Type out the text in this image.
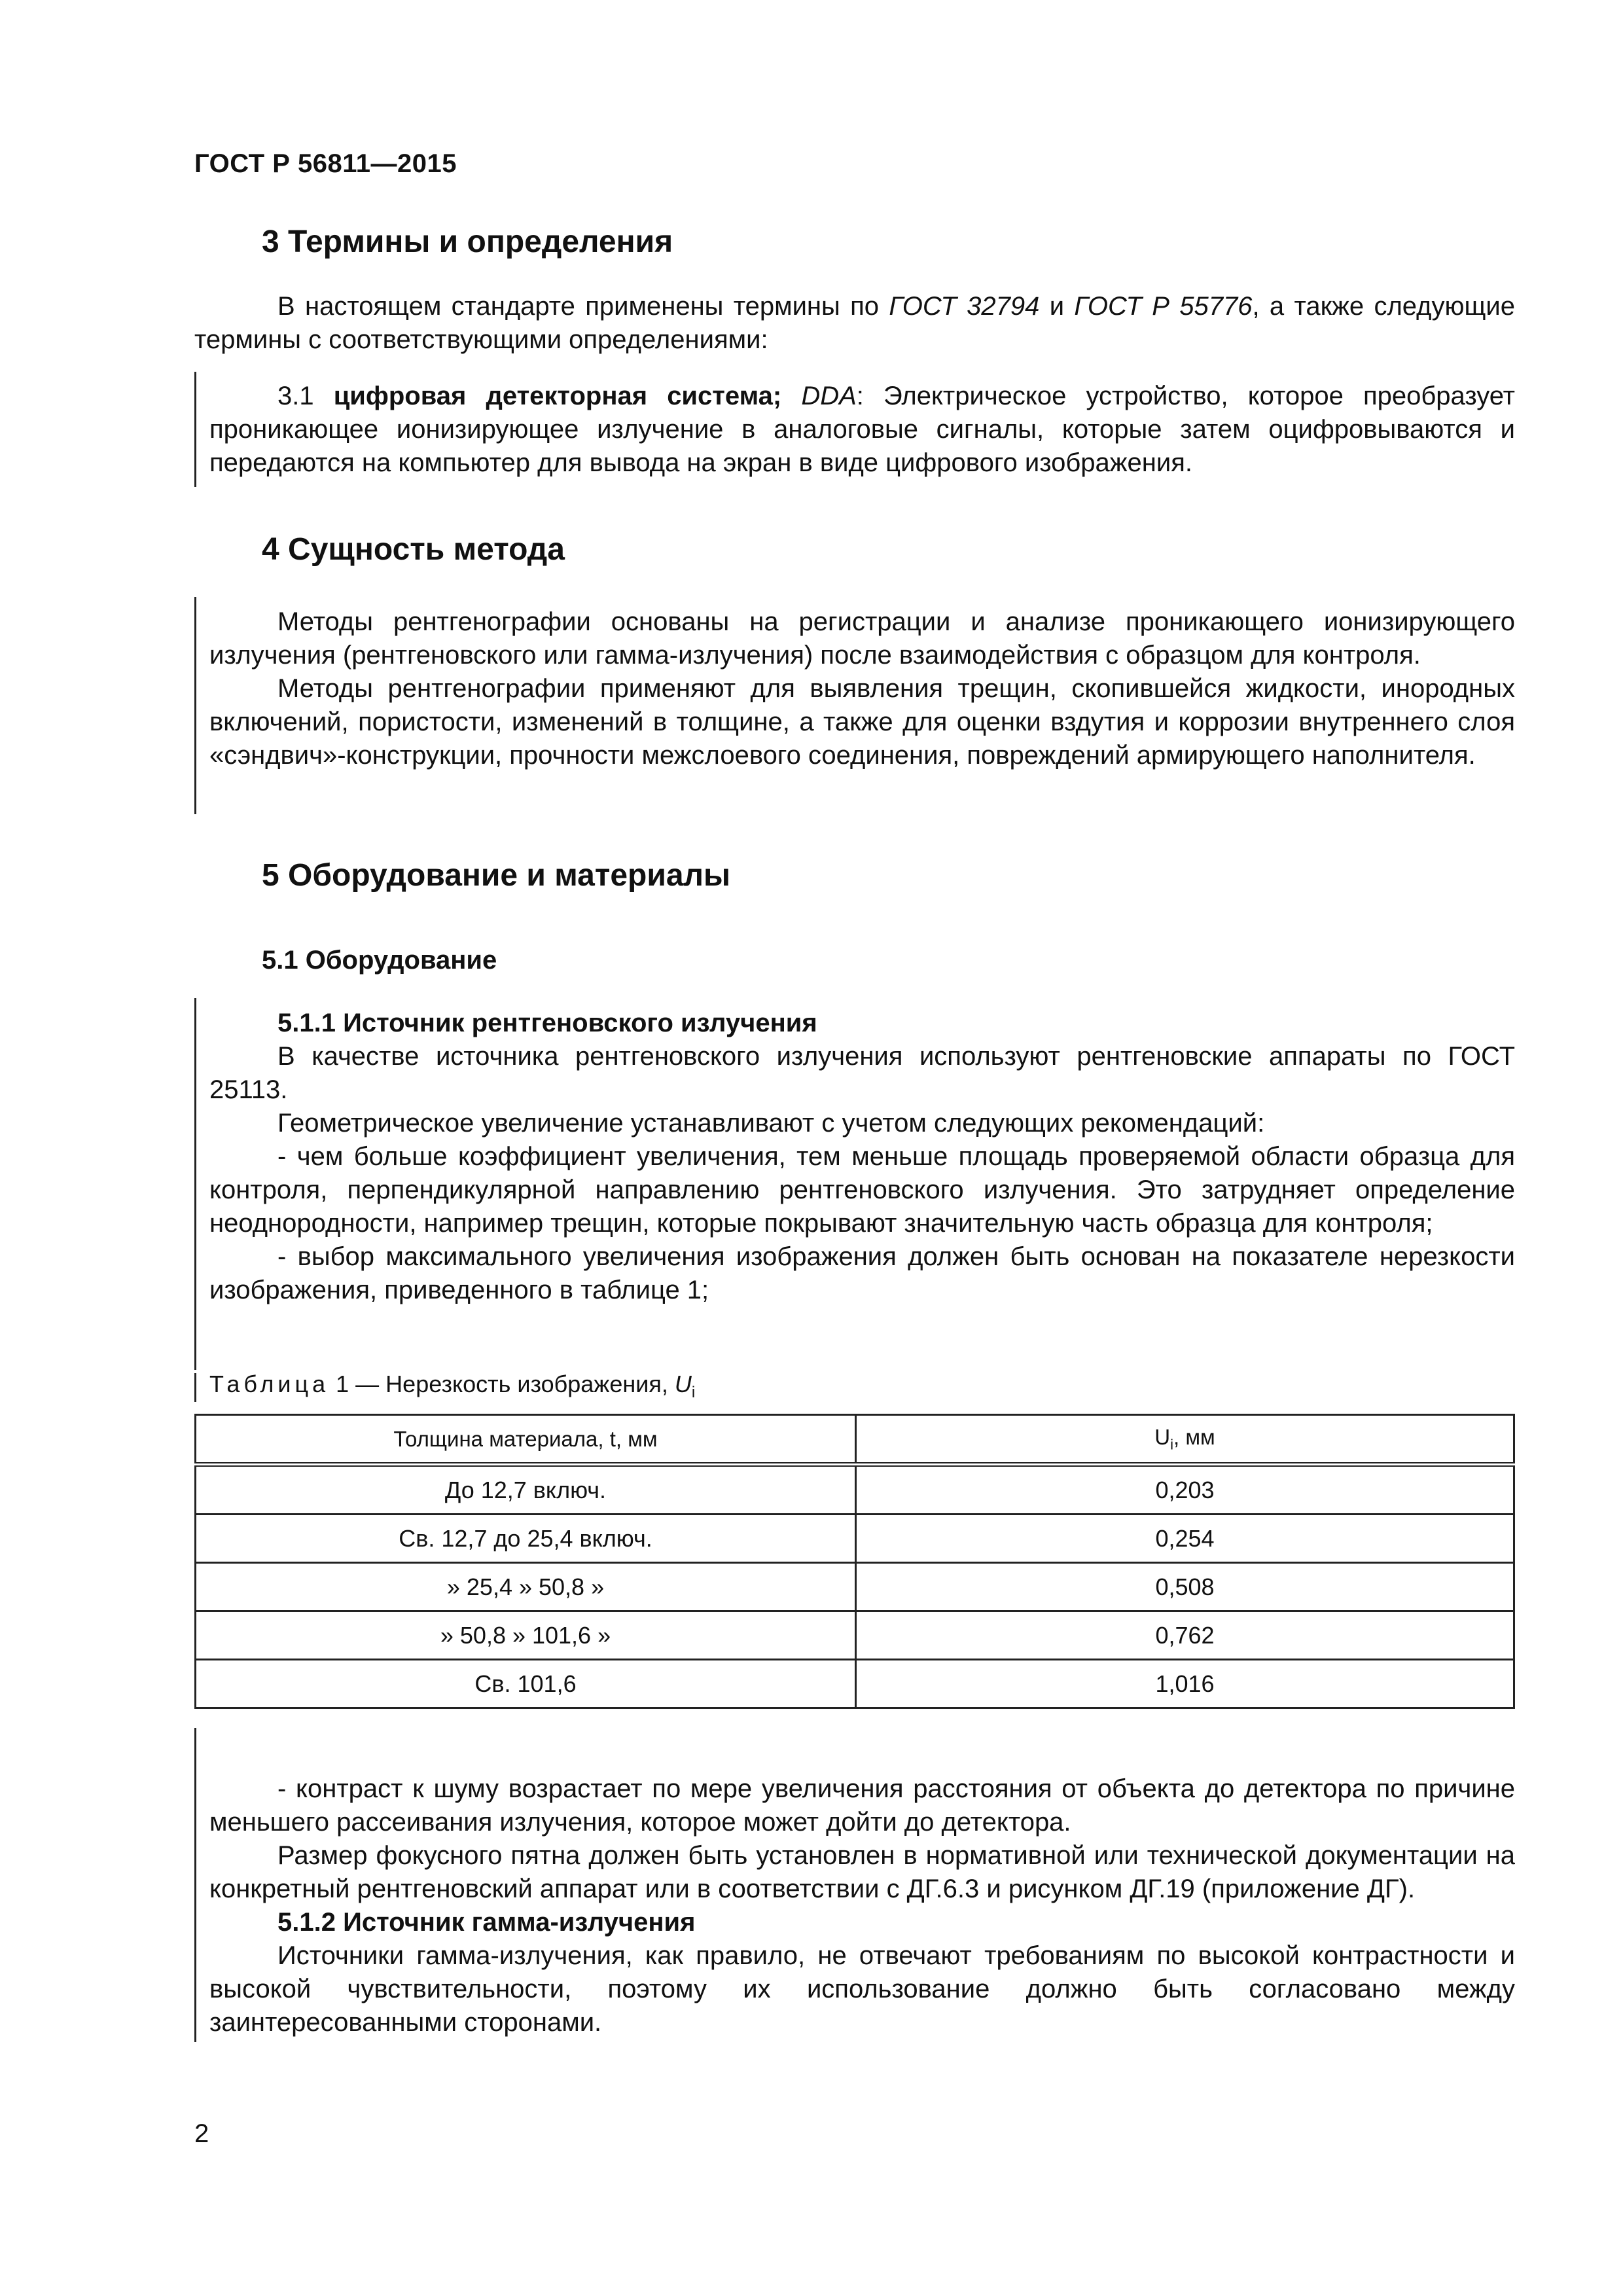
ГОСТ Р 56811—2015
3 Термины и определения

В настоящем стандарте применены термины по ГОСТ 32794 и ГОСТ Р 55776, а также следующие термины с соответствующими определениями:

3.1 цифровая детекторная система; DDA: Электрическое устройство, которое преобразует проникающее ионизирующее излучение в аналоговые сигналы, которые затем оцифровываются и передаются на компьютер для вывода на экран в виде цифрового изображения.

4 Сущность метода

Методы рентгенографии основаны на регистрации и анализе проникающего ионизирующего излучения (рентгеновского или гамма-излучения) после взаимодействия с образцом для контроля.

Методы рентгенографии применяют для выявления трещин, скопившейся жидкости, инородных включений, пористости, изменений в толщине, а также для оценки вздутия и коррозии внутреннего слоя «сэндвич»-конструкции, прочности межслоевого соединения, повреждений армирующего наполнителя.

5 Оборудование и материалы
5.1 Оборудование

5.1.1 Источник рентгеновского излучения

В качестве источника рентгеновского излучения используют рентгеновские аппараты по ГОСТ 25113.

Геометрическое увеличение устанавливают с учетом следующих рекомендаций:

- чем больше коэффициент увеличения, тем меньше площадь проверяемой области образца для контроля, перпендикулярной направлению рентгеновского излучения. Это затрудняет определение неоднородности, например трещин, которые покрывают значительную часть образца для контроля;

- выбор максимального увеличения изображения должен быть основан на показателе нерезкости изображения, приведенного в таблице 1;

Таблица 1 — Нерезкость изображения, $U_i$
Толщина материала, t, мм	$U_i$, мм
До 12,7 включ.	0,203
Св. 12,7 до 25,4 включ.	0,254
» 25,4 » 50,8 »	0,508
» 50,8 » 101,6 »	0,762
Св. 101,6	1,016

- контраст к шуму возрастает по мере увеличения расстояния от объекта до детектора по причине меньшего рассеивания излучения, которое может дойти до детектора.

Размер фокусного пятна должен быть установлен в нормативной или технической документации на конкретный рентгеновский аппарат или в соответствии с ДГ.6.3 и рисунком ДГ.19 (приложение ДГ).

5.1.2 Источник гамма-излучения

Источники гамма-излучения, как правило, не отвечают требованиям по высокой контрастности и высокой чувствительности, поэтому их использование должно быть согласовано между заинтересованными сторонами.

2
